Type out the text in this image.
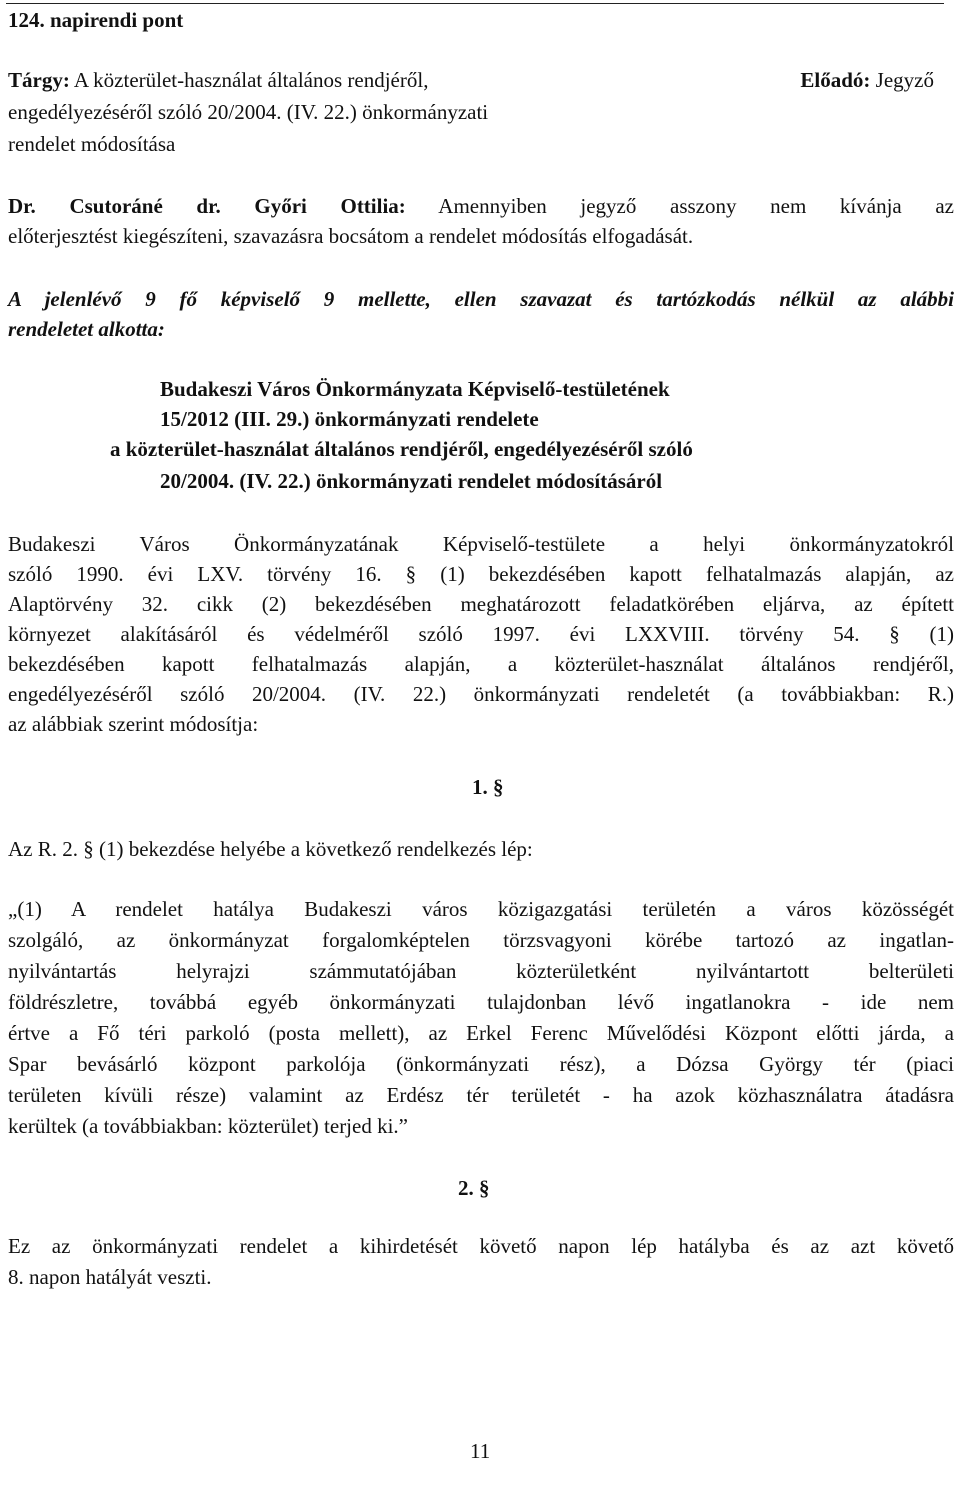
124. napirendi pont
Tárgy: A közterület-használat általános rendjéről,
engedélyezéséről szóló 20/2004. (IV. 22.) önkormányzati
rendelet módosítása
Előadó: Jegyző
Dr. Csutoráné dr. Győri Ottilia: Amennyiben jegyző asszony nem kívánja az
előterjesztést kiegészíteni, szavazásra bocsátom a rendelet módosítás elfogadását.
A jelenlévő 9 fő képviselő 9 mellette, ellen szavazat és tartózkodás nélkül az alábbi
rendeletet alkotta:
Budakeszi Város Önkormányzata Képviselő-testületének
15/2012 (III. 29.) önkormányzati rendelete
a közterület-használat általános rendjéről, engedélyezéséről szóló
20/2004. (IV. 22.) önkormányzati rendelet módosításáról
Budakeszi Város Önkormányzatának Képviselő-testülete a helyi önkormányzatokról
szóló 1990. évi LXV. törvény 16. § (1) bekezdésében kapott felhatalmazás alapján, az
Alaptörvény 32. cikk (2) bekezdésében meghatározott feladatkörében eljárva, az épített
környezet alakításáról és védelméről szóló 1997. évi LXXVIII. törvény 54. § (1)
bekezdésében kapott felhatalmazás alapján, a közterület-használat általános rendjéről,
engedélyezéséről szóló 20/2004. (IV. 22.) önkormányzati rendeletét (a továbbiakban: R.)
az alábbiak szerint módosítja:
1. §
Az R. 2. § (1) bekezdése helyébe a következő rendelkezés lép:
„(1) A rendelet hatálya Budakeszi város közigazgatási területén a város közösségét
szolgáló, az önkormányzat forgalomképtelen törzsvagyoni körébe tartozó az ingatlan-
nyilvántartás helyrajzi számmutatójában közterületként nyilvántartott belterületi
földrészletre, továbbá egyéb önkormányzati tulajdonban lévő ingatlanokra - ide nem
értve a Fő téri parkoló (posta mellett), az Erkel Ferenc Művelődési Központ előtti járda, a
Spar bevásárló központ parkolója (önkormányzati rész), a Dózsa György tér (piaci
területen kívüli része) valamint az Erdész tér területét - ha azok közhasználatra átadásra
kerültek (a továbbiakban: közterület) terjed ki.”
2. §
Ez az önkormányzati rendelet a kihirdetését követő napon lép hatályba és az azt követő
8. napon hatályát veszti.
11
